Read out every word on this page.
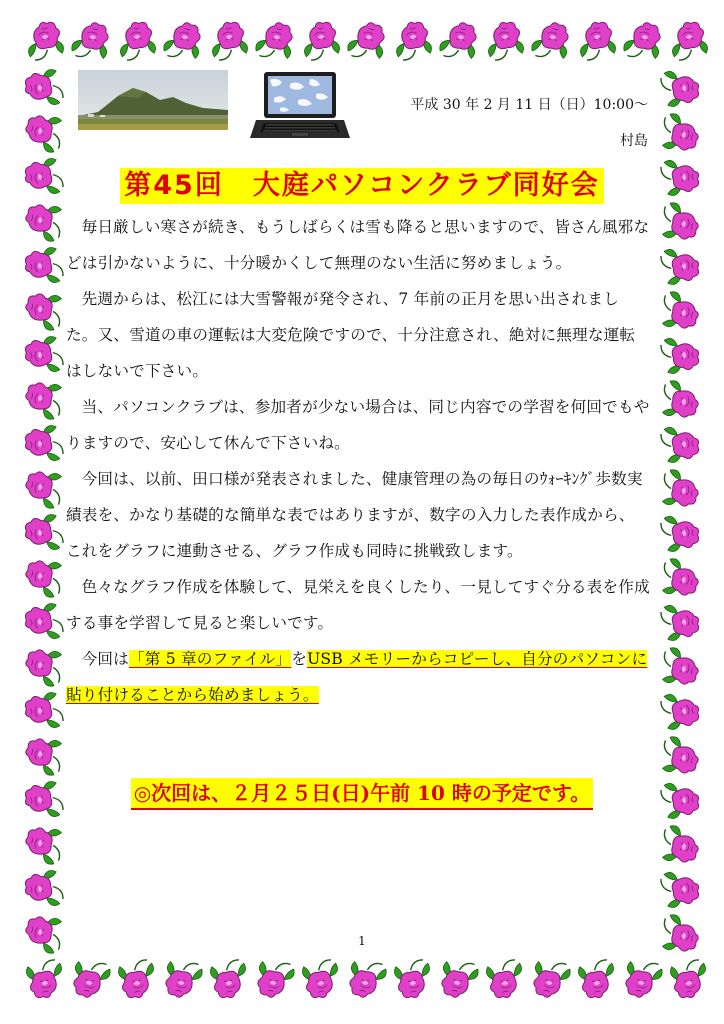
平成 30 年 2 月 11 日（日）10:00～
村島
第45回　大庭パソコンクラブ同好会

毎日厳しい寒さが続き、もうしばらくは雪も降ると思いますので、皆さん風邪などは引かないように、十分暖かくして無理のない生活に努めましょう。

先週からは、松江には大雪警報が発令され、7 年前の正月を思い出されました。又、雪道の車の運転は大変危険ですので、十分注意され、絶対に無理な運転はしないで下さい。

当、パソコンクラブは、参加者が少ない場合は、同じ内容での学習を何回でもやりますので、安心して休んで下さいね。

今回は、以前、田口様が発表されました、健康管理の為の毎日のｳｫｰｷﾝｸﾞ歩数実績表を、かなり基礎的な簡単な表ではありますが、数字の入力した表作成から、これをグラフに連動させる、グラフ作成も同時に挑戦致します。

色々なグラフ作成を体験して、見栄えを良くしたり、一見してすぐ分る表を作成する事を学習して見ると楽しいです。

今回は「第 5 章のファイル」をUSB メモリーからコピーし、自分のパソコンに貼り付けることから始めましょう。

◎次回は、２月２５日(日)午前 10 時の予定です。
1
